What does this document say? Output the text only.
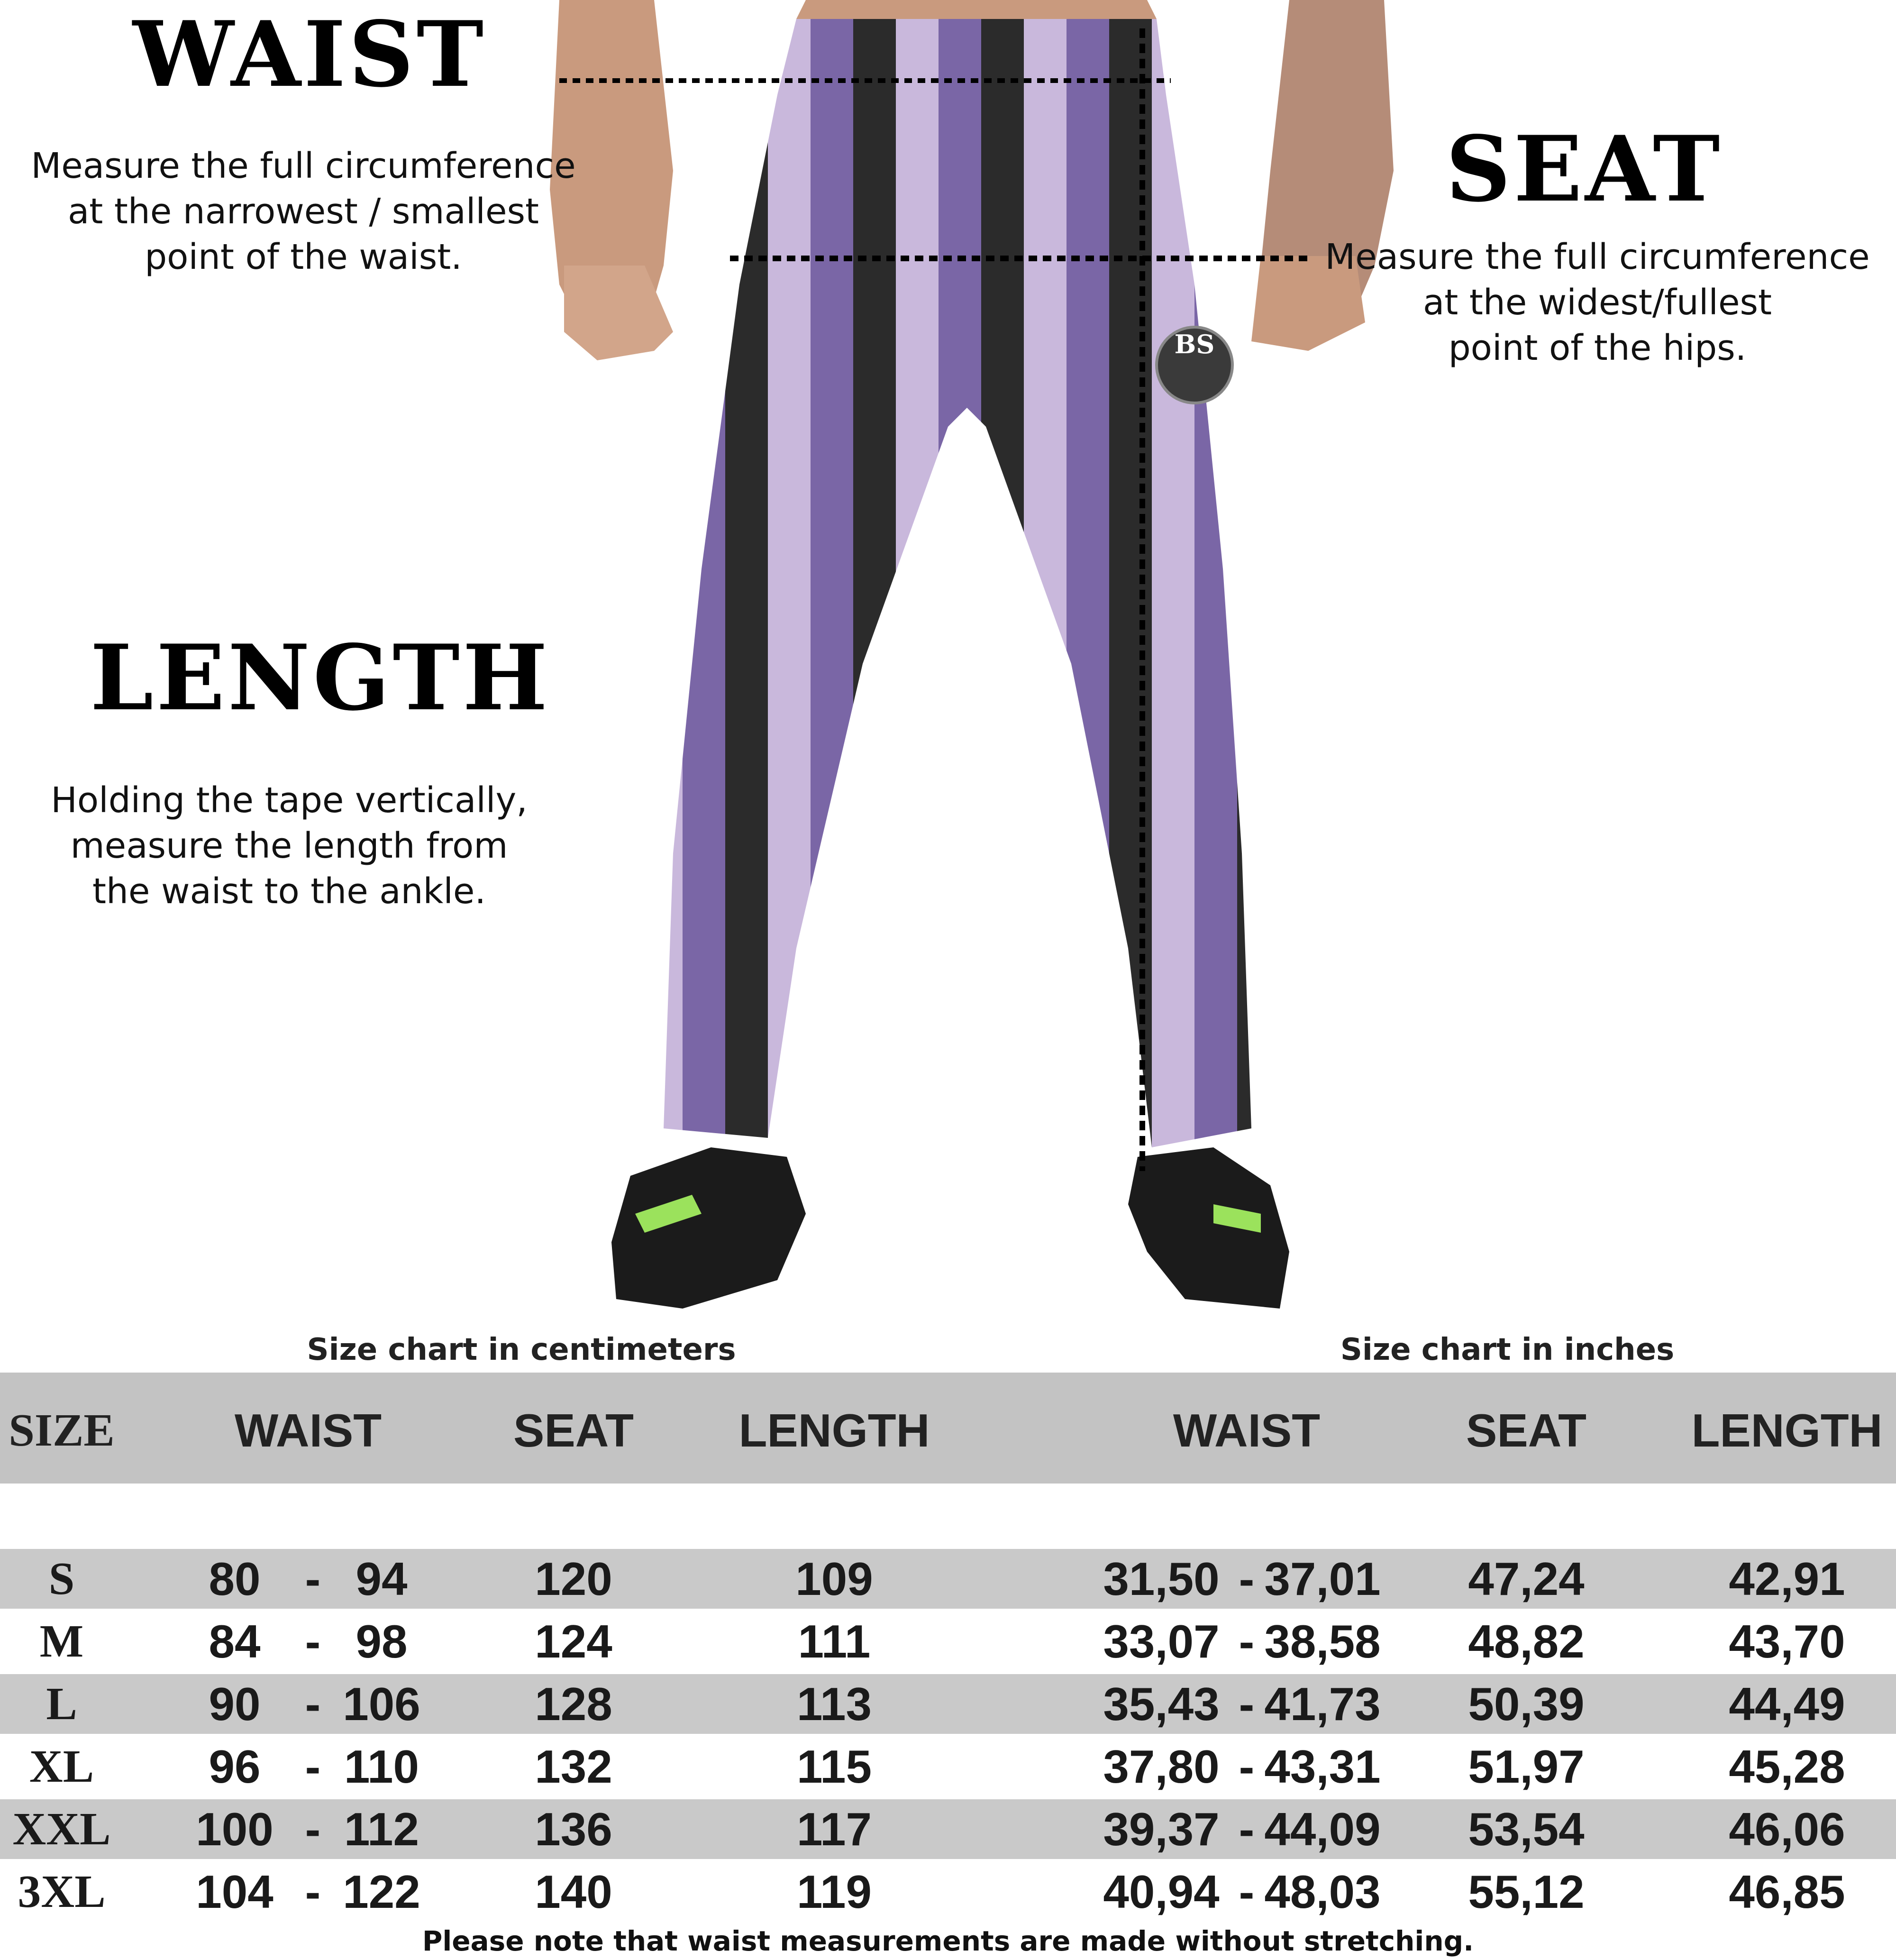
BS
WAIST
Measure the full circumference
at the narrowest / smallest
point of the waist.
SEAT
Measure the full circumference
at the widest/fullest
point of the hips.
LENGTH
Holding the tape vertically,
measure the length from
the waist to the ankle.
Size chart in centimeters	Size chart in inches
SIZE	WAIST	SEAT	LENGTH	WAIST	SEAT	LENGTH
S	80 - 94	120	109	31,50 - 37,01	47,24	42,91
M	84 - 98	124	111	33,07 - 38,58	48,82	43,70
L	90 - 106	128	113	35,43 - 41,73	50,39	44,49
XL	96 - 110	132	115	37,80 - 43,31	51,97	45,28
XXL 100 - 112	136	117	39,37 - 44,09	53,54	46,06
3XL	104 - 122	140	119	40,94 - 48,03	55,12	46,85
Please note that waist measurements are made without stretching.
